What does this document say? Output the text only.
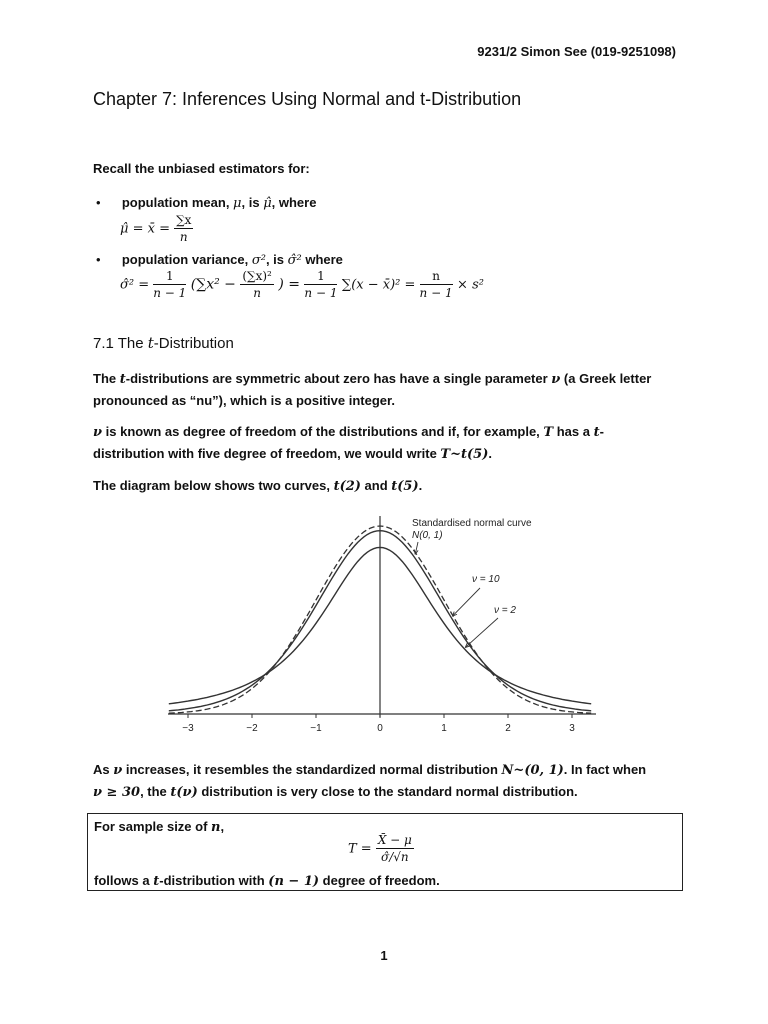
9231/2 Simon See (019-9251098)
Chapter 7: Inferences Using Normal and t-Distribution
Recall the unbiased estimators for:
• population mean, μ, is μ̂, where
μ̂ = x̄ = $\frac{\sum x}{n}$
• population variance, σ², is σ̂² where
σ̂² = $\frac{1}{n - 1} (\sum x^2 - \frac{\text{(∑x)²}}{n}$ ) = $\frac{1}{n - 1} \sum(x$ − x̄)² = $\frac{n}{n - 1} \times s^2$
7.1 The t-Distribution
The t-distributions are symmetric about zero has have a single parameter ν (a Greek letter
pronounced as “nu”), which is a positive integer.
ν is known as degree of freedom of the distributions and if, for example, T has a t-
distribution with five degree of freedom, we would write T~t(5).
The diagram below shows two curves, t(2) and t(5).
−3	−2	−1	0	1	2	3
Standardised normal curve
N(0, 1)
ν = 10
ν = 2
As ν increases, it resembles the standardized normal distribution N~(0, 1). In fact when
ν ≥ 30, the t(ν) distribution is very close to the standard normal distribution.
For sample size of n,
$T = \frac{X̄ - \mu}{\sigmâ/√n}$
follows a t-distribution with (n − 1) degree of freedom.
1
